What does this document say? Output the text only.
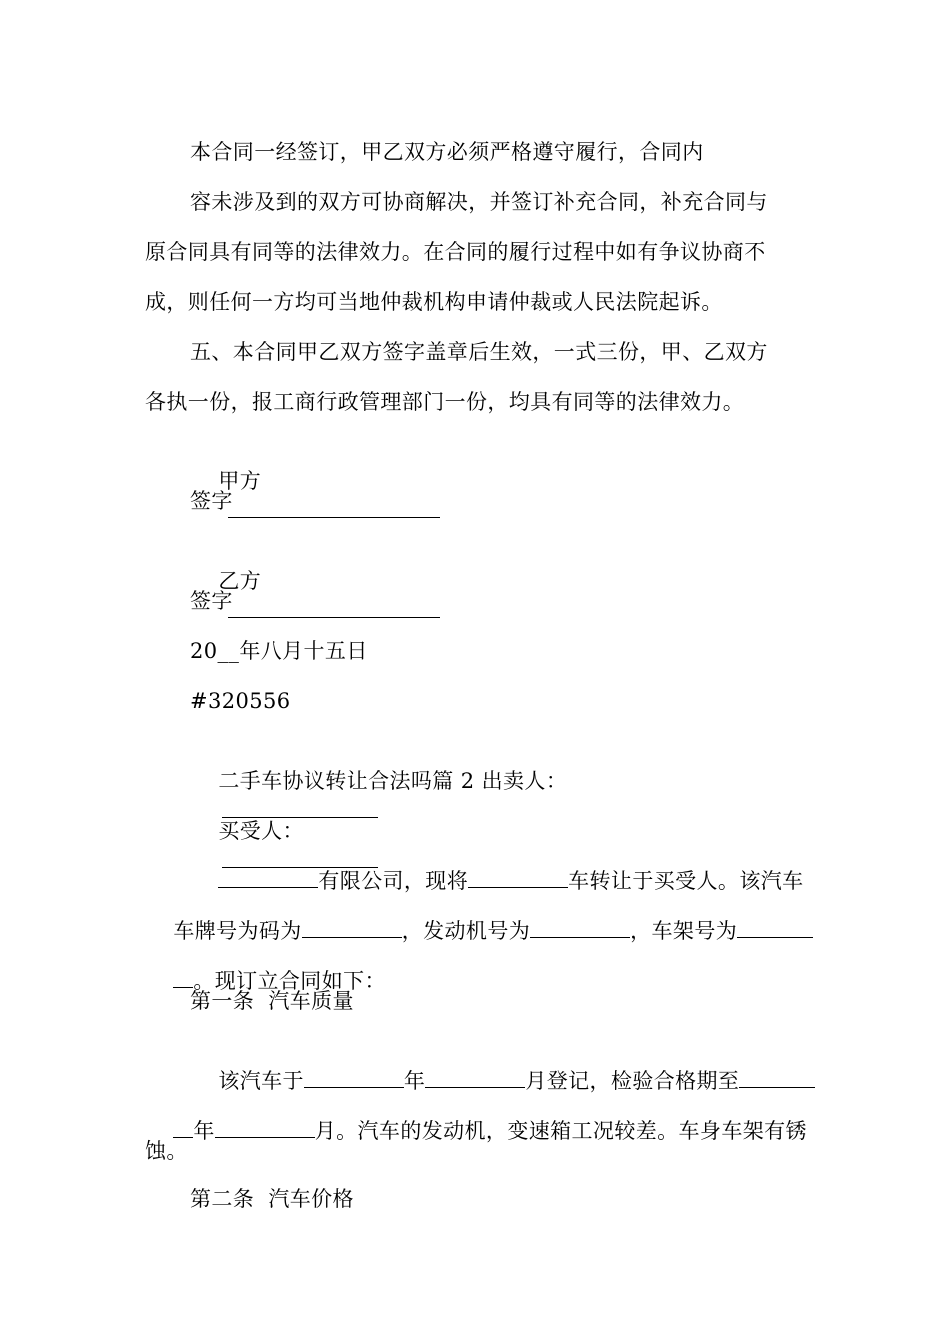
本合同一经签订，甲乙双方必须严格遵守履行，合同内
容未涉及到的双方可协商解决，并签订补充合同，补充合同与
原合同具有同等的法律效力。在合同的履行过程中如有争议协商不
成，则任何一方均可当地仲裁机构申请仲裁或人民法院起诉。
五、本合同甲乙双方签字盖章后生效，一式三份，甲、乙双方
各执一份，报工商行政管理部门一份，均具有同等的法律效力。

甲方

签字

乙方

签字
20__年八月十五日
#320556

二手车协议转让合法吗篇 2 出卖人：

买受人：

有限公司，现将	车转让于买受人。该汽车

车牌号为码为	，发动机号为	，车架号为

。现订立合同如下：

第一条  汽车质量

该汽车于	年	月登记，检验合格期至

年	月。汽车的发动机，变速箱工况较差。车身车架有锈

蚀。
第二条  汽车价格
